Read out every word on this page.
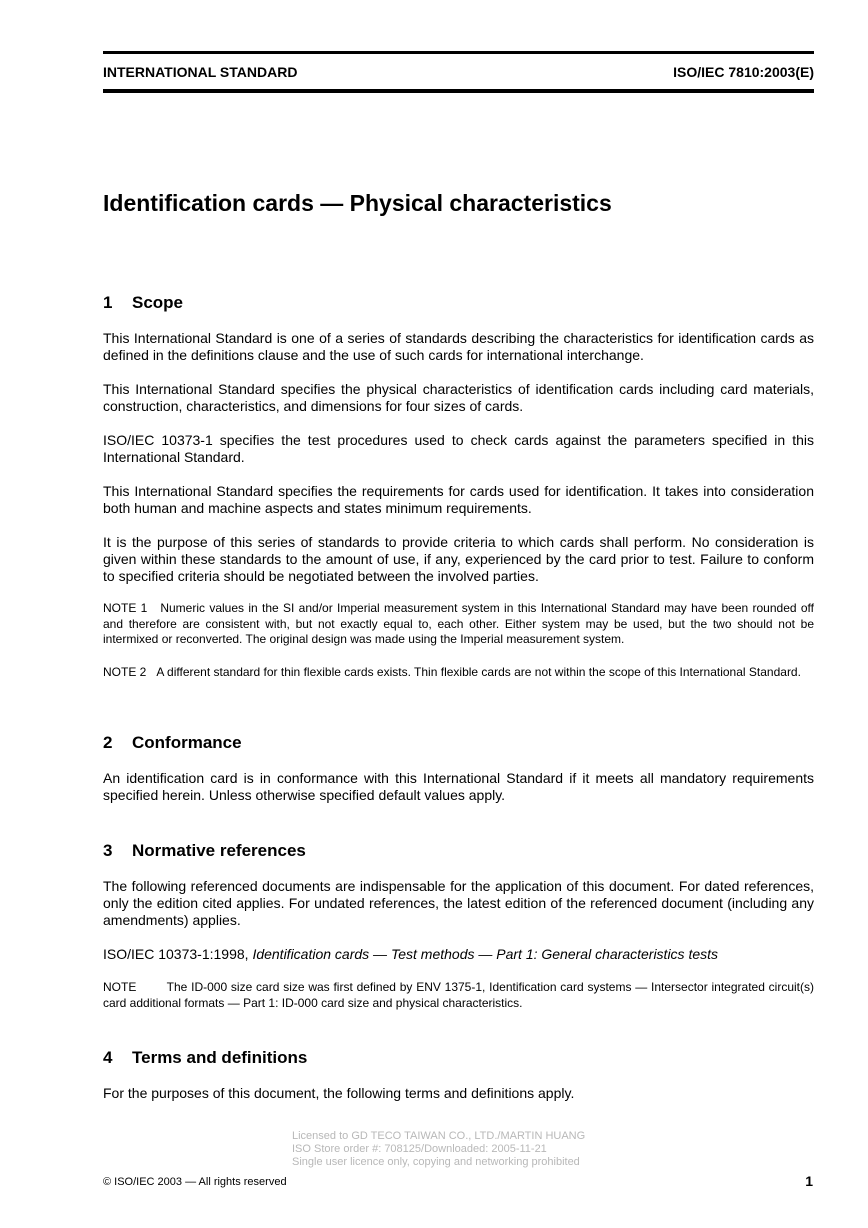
INTERNATIONAL STANDARD	ISO/IEC 7810:2003(E)
Identification cards — Physical characteristics
1 Scope

This International Standard is one of a series of standards describing the characteristics for identification cards as defined in the definitions clause and the use of such cards for international interchange.

This International Standard specifies the physical characteristics of identification cards including card materials, construction, characteristics, and dimensions for four sizes of cards.

ISO/IEC 10373-1 specifies the test procedures used to check cards against the parameters specified in this International Standard.

This International Standard specifies the requirements for cards used for identification. It takes into consideration both human and machine aspects and states minimum requirements.

It is the purpose of this series of standards to provide criteria to which cards shall perform. No consideration is given within these standards to the amount of use, if any, experienced by the card prior to test. Failure to conform to specified criteria should be negotiated between the involved parties.

NOTE 1 Numeric values in the SI and/or Imperial measurement system in this International Standard may have been rounded off and therefore are consistent with, but not exactly equal to, each other. Either system may be used, but the two should not be intermixed or reconverted. The original design was made using the Imperial measurement system.

NOTE 2 A different standard for thin flexible cards exists. Thin flexible cards are not within the scope of this International Standard.

2 Conformance

An identification card is in conformance with this International Standard if it meets all mandatory requirements specified herein. Unless otherwise specified default values apply.

3 Normative references

The following referenced documents are indispensable for the application of this document. For dated references, only the edition cited applies. For undated references, the latest edition of the referenced document (including any amendments) applies.

ISO/IEC 10373-1:1998, Identification cards — Test methods — Part 1: General characteristics tests

NOTE	The ID-000 size card size was first defined by ENV 1375-1, Identification card systems — Intersector integrated circuit(s) card additional formats — Part 1: ID-000 card size and physical characteristics.

4 Terms and definitions

For the purposes of this document, the following terms and definitions apply.

Licensed to GD TECO TAIWAN CO., LTD./MARTIN HUANG
ISO Store order #: 708125/Downloaded: 2005-11-21
Single user licence only, copying and networking prohibited
© ISO/IEC 2003 — All rights reserved	1
